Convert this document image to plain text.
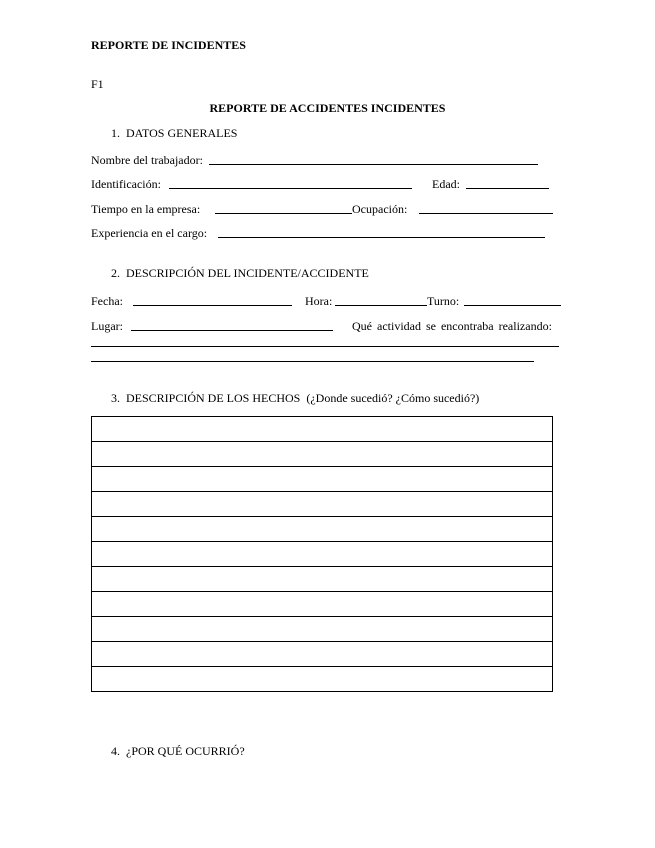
REPORTE DE INCIDENTES
F1
REPORTE DE ACCIDENTES INCIDENTES
1.  DATOS GENERALES
Nombre del trabajador:
Identificación:	Edad:
Tiempo en la empresa:	Ocupación:
Experiencia en el cargo:
2.  DESCRIPCIÓN DEL INCIDENTE/ACCIDENTE
Fecha:	Hora:	Turno:
Lugar:	Qué actividad se encontraba realizando:
3.  DESCRIPCIÓN DE LOS HECHOS  (¿Donde sucedió? ¿Cómo sucedió?)
4.  ¿POR QUÉ OCURRIÓ?
